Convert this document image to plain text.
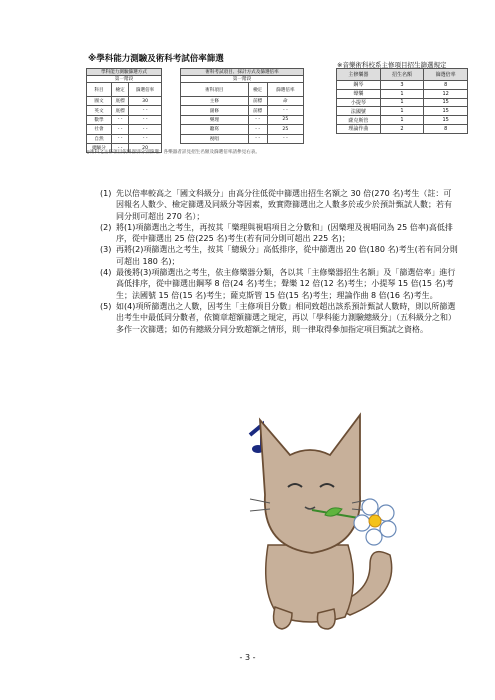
※學科能力測驗及術科考試倍率篩選
※音樂術科校系主修項目招生篩選規定
學科能力測驗篩選方式		
第一階段		
科目	檢定	篩選倍率
國文	底標	30
英文	底標	- -
數學	- -	- -
社會	- -	- -
自然	- -	- -
總級分	- -	20
術科考試項目、採計方式及篩選倍率		
第一階段		
術科項目	檢定	篩選倍率
主修	前標	命
副修	前標	- -
樂理	- -	25
聽寫	- -	25
視唱	- -	- -
◎術科之主修項目依樂器別分別篩選；各樂器者詳見招生名額及篩選倍率請參見右表。
主修樂器	招生名額	篩選倍率
鋼琴	3	8
聲樂	1	12
小提琴	1	15
法國號	1	15
薩克斯管	1	15
理論作曲	2	8
(1) 先以倍率較高之「國文科級分」由高分往低從中篩選出招生名額之 30 倍(270 名)考生（註：可因報名人數少、檢定篩選及同級分等因素，致實際篩選出之人數多於或少於預計甄試人數；若有同分則可超出 270 名）；
(2) 將(1)項篩選出之考生，再按其「樂理與視唱項目之分數和」(因樂理及視唱同為 25 倍率)高低排序，從中篩選出 25 倍(225 名)考生(若有同分則可超出 225 名)；
(3) 再將(2)項篩選出之考生，按其「總級分」高低排序，從中篩選出 20 倍(180 名)考生(若有同分則可超出 180 名)；
(4) 最後將(3)項篩選出之考生，依主修樂器分類，各以其「主修樂器招生名額」及「篩選倍率」進行高低排序，從中篩選出鋼琴 8 倍(24 名)考生；聲樂 12 倍(12 名)考生；小提琴 15 倍(15 名)考生；法國號 15 倍(15 名)考生；薩克斯管 15 倍(15 名)考生；理論作曲 8 倍(16 名)考生。
(5) 如(4)項所篩選出之人數，因考生「主修項目分數」相同致超出該系預計甄試人數時，則以所篩選出考生中最低同分數者，依簡章超額篩選之規定，再以「學科能力測驗總級分」（五科級分之和）多作一次篩選；如仍有總級分同分致超額之情形，則一律取得參加指定項目甄試之資格。
- 3 -
